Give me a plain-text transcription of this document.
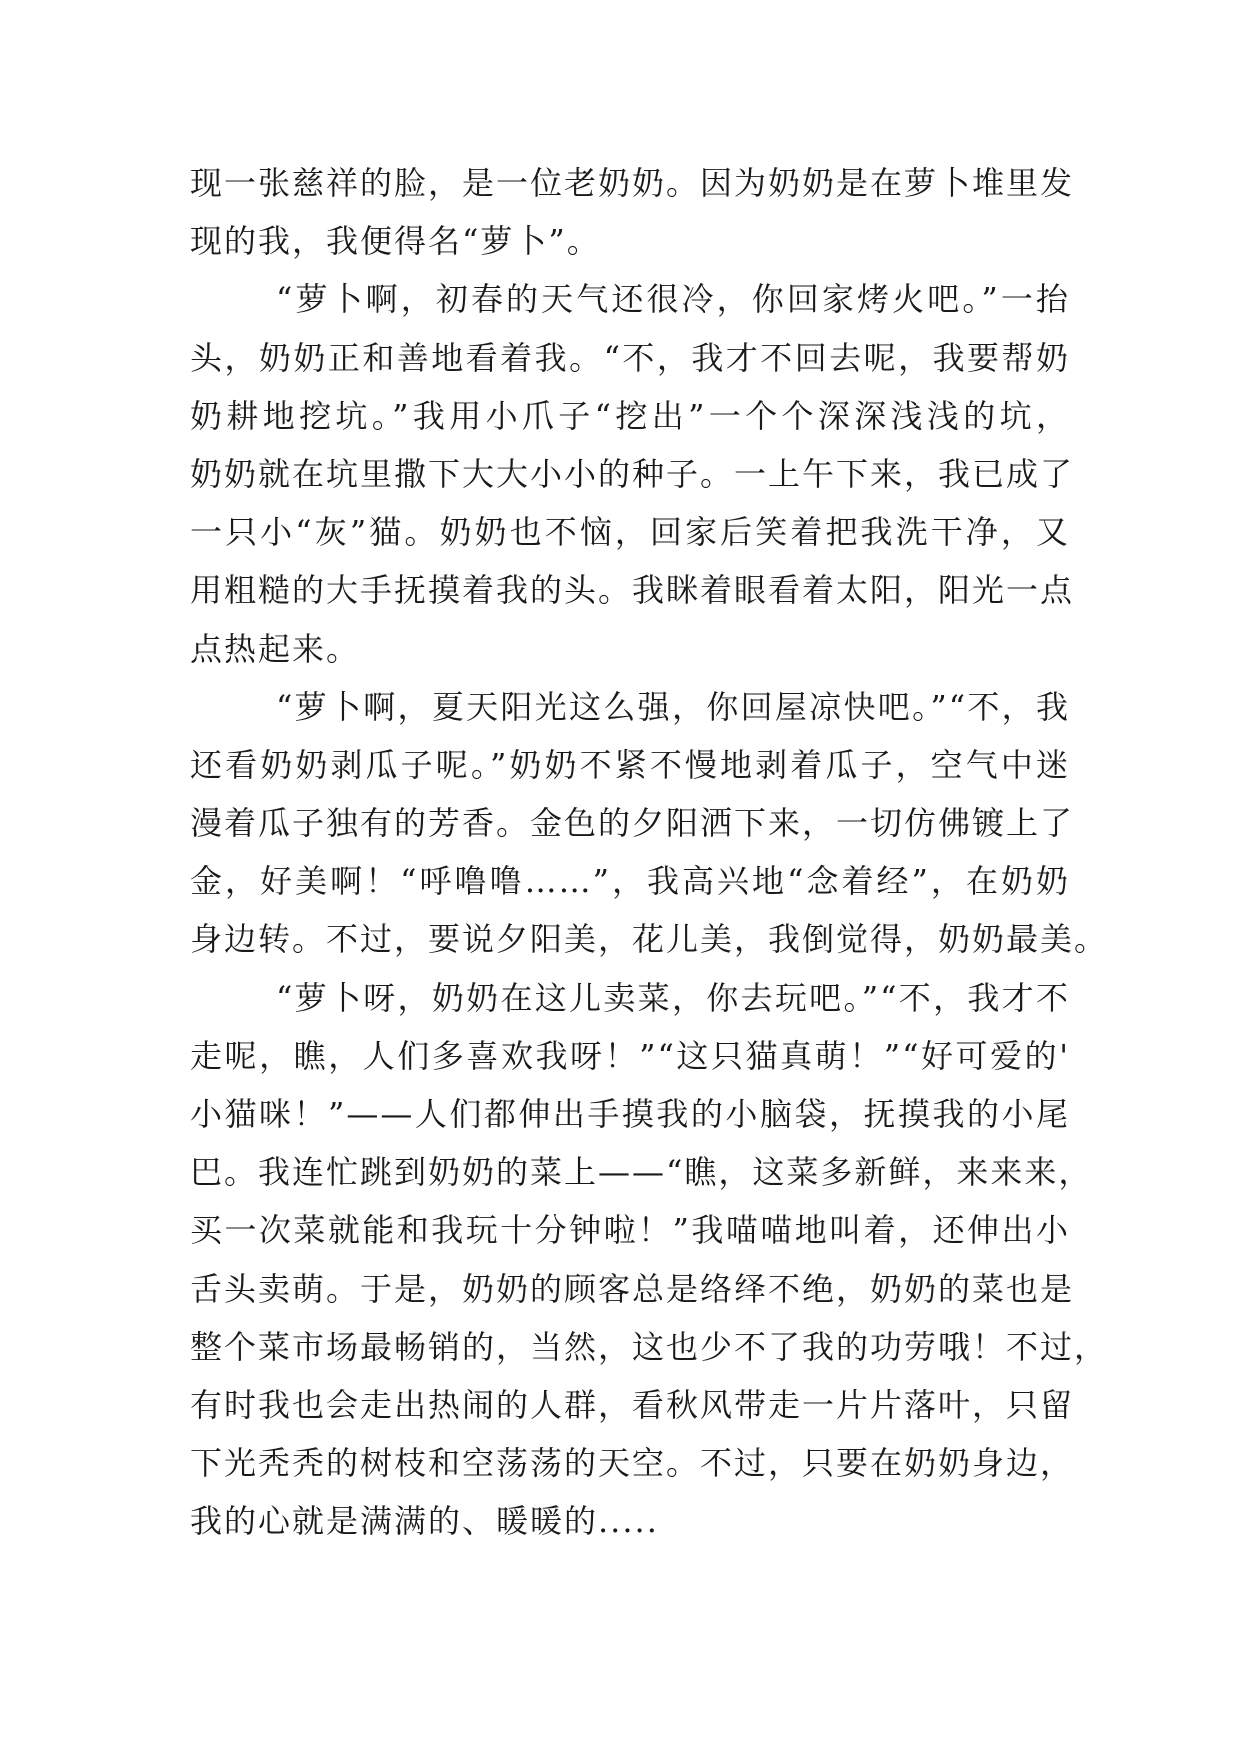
现一张慈祥的脸，是一位老奶奶。因为奶奶是在萝卜堆里发
现的我，我便得名“萝卜”。
“萝卜啊，初春的天气还很冷，你回家烤火吧。”一抬
头，奶奶正和善地看着我。“不，我才不回去呢，我要帮奶
奶耕地挖坑。”我用小爪子“挖出”一个个深深浅浅的坑，
奶奶就在坑里撒下大大小小的种子。一上午下来，我已成了
一只小“灰”猫。奶奶也不恼，回家后笑着把我洗干净，又
用粗糙的大手抚摸着我的头。我眯着眼看着太阳，阳光一点
点热起来。
“萝卜啊，夏天阳光这么强，你回屋凉快吧。”“不，我
还看奶奶剥瓜子呢。”奶奶不紧不慢地剥着瓜子，空气中迷
漫着瓜子独有的芳香。金色的夕阳洒下来，一切仿佛镀上了
金，好美啊！“呼噜噜……”，我高兴地“念着经”，在奶奶
身边转。不过，要说夕阳美，花儿美，我倒觉得，奶奶最美。
“萝卜呀，奶奶在这儿卖菜，你去玩吧。”“不，我才不
走呢，瞧，人们多喜欢我呀！”“这只猫真萌！”“好可爱的'
小猫咪！”——人们都伸出手摸我的小脑袋，抚摸我的小尾
巴。我连忙跳到奶奶的菜上——“瞧，这菜多新鲜，来来来，
买一次菜就能和我玩十分钟啦！”我喵喵地叫着，还伸出小
舌头卖萌。于是，奶奶的顾客总是络绎不绝，奶奶的菜也是
整个菜市场最畅销的，当然，这也少不了我的功劳哦！不过，
有时我也会走出热闹的人群，看秋风带走一片片落叶，只留
下光秃秃的树枝和空荡荡的天空。不过，只要在奶奶身边，
我的心就是满满的、暖暖的.....
